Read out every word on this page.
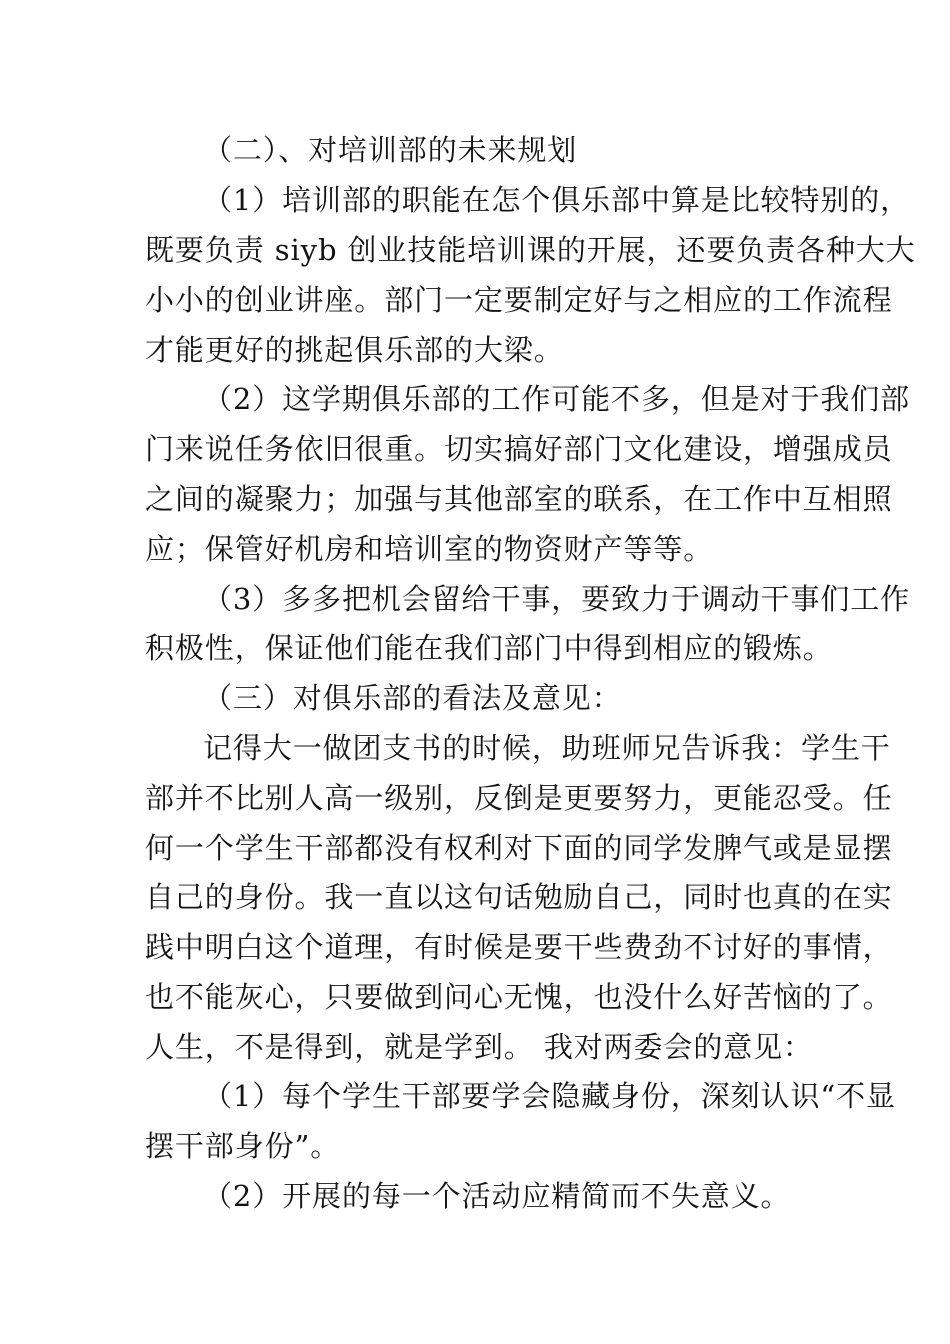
（二）、对培训部的未来规划
（1）培训部的职能在怎个俱乐部中算是比较特别的，
既要负责 siyb 创业技能培训课的开展，还要负责各种大大
小小的创业讲座。部门一定要制定好与之相应的工作流程
才能更好的挑起俱乐部的大梁。
（2）这学期俱乐部的工作可能不多，但是对于我们部
门来说任务依旧很重。切实搞好部门文化建设，增强成员
之间的凝聚力；加强与其他部室的联系，在工作中互相照
应；保管好机房和培训室的物资财产等等。
（3）多多把机会留给干事，要致力于调动干事们工作
积极性，保证他们能在我们部门中得到相应的锻炼。
（三）对俱乐部的看法及意见：
记得大一做团支书的时候，助班师兄告诉我：学生干
部并不比别人高一级别，反倒是更要努力，更能忍受。任
何一个学生干部都没有权利对下面的同学发脾气或是显摆
自己的身份。我一直以这句话勉励自己，同时也真的在实
践中明白这个道理，有时候是要干些费劲不讨好的事情，
也不能灰心，只要做到问心无愧，也没什么好苦恼的了。
人生，不是得到，就是学到。 我对两委会的意见：
（1）每个学生干部要学会隐藏身份，深刻认识“不显
摆干部身份”。
（2）开展的每一个活动应精简而不失意义。
